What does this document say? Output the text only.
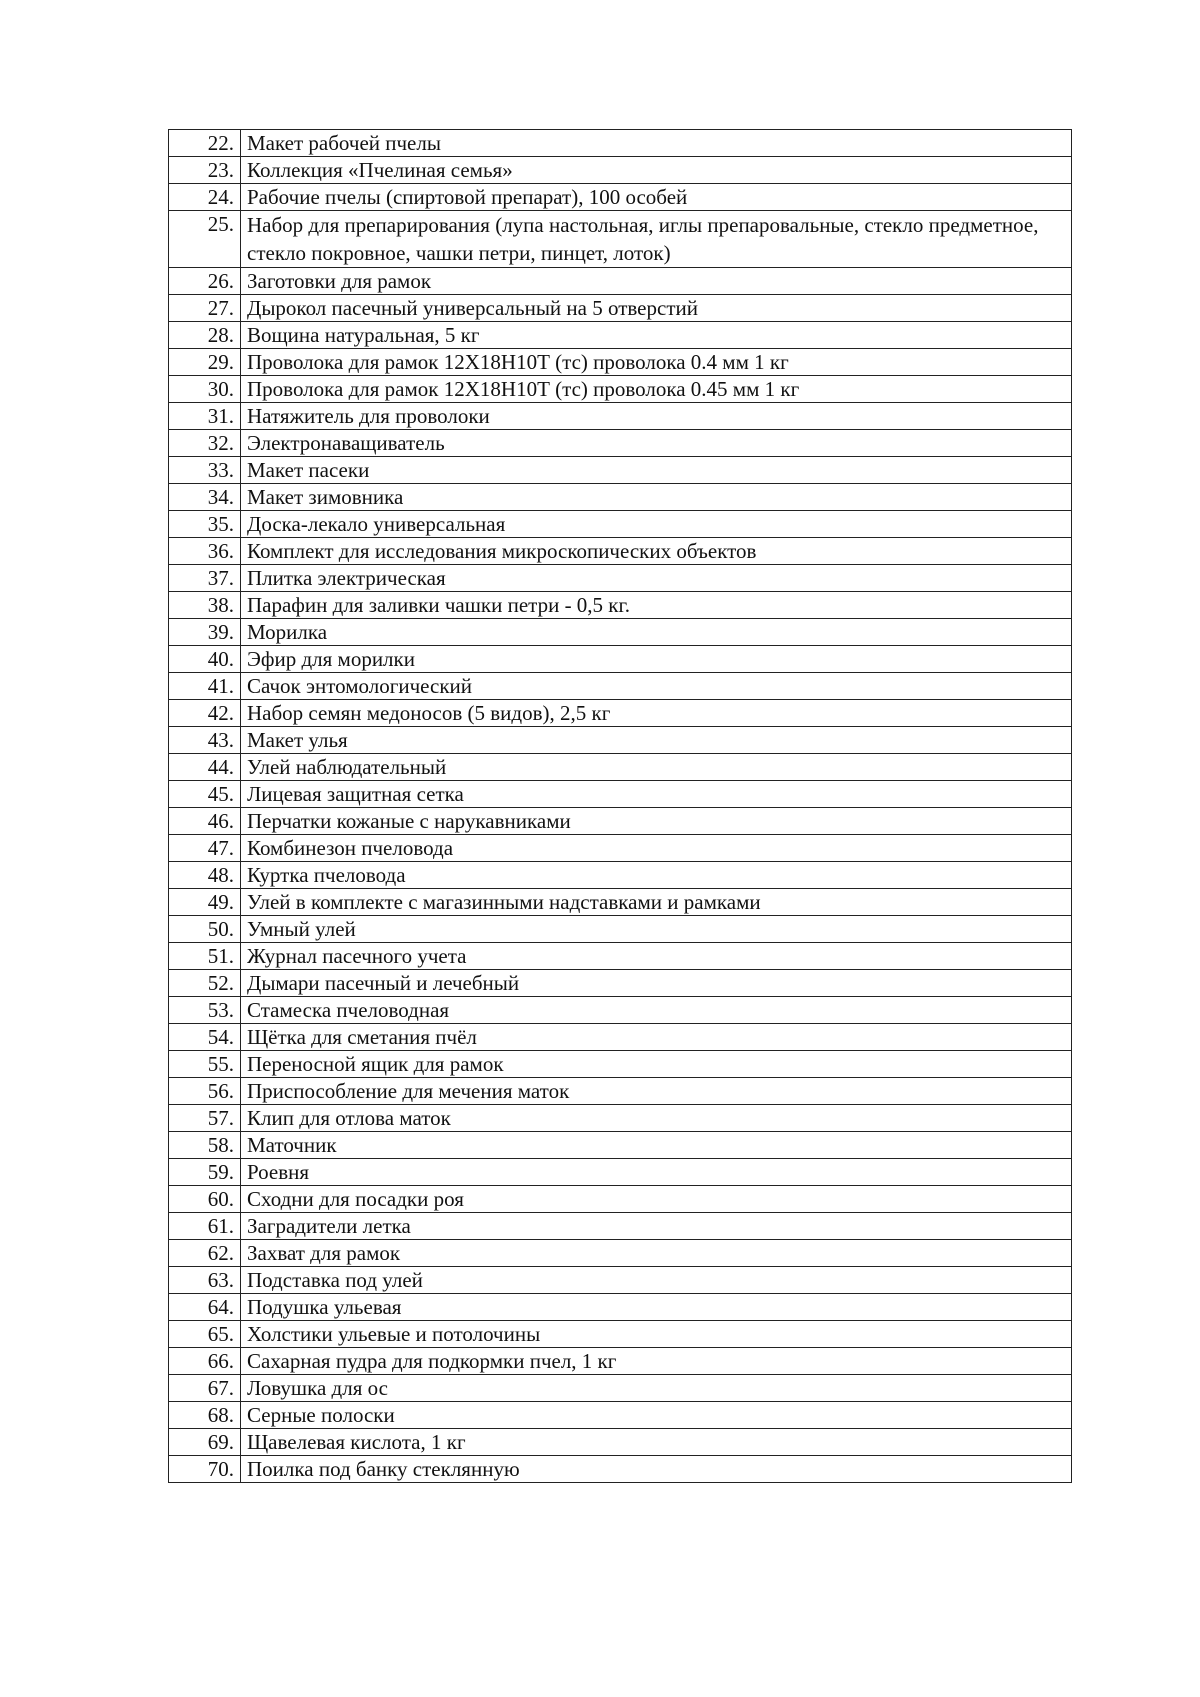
22.	Макет рабочей пчелы
23.	Коллекция «Пчелиная семья»
24.	Рабочие пчелы (спиртовой препарат), 100 особей
25.	Набор для препарирования (лупа настольная, иглы препаровальные, стекло предметное, стекло покровное, чашки петри, пинцет, лоток)
26.	Заготовки для рамок
27.	Дырокол пасечный универсальный на 5 отверстий
28.	Вощина натуральная, 5 кг
29.	Проволока для рамок 12Х18Н10Т (тс) проволока 0.4 мм 1 кг
30.	Проволока для рамок 12Х18Н10Т (тс) проволока 0.45 мм 1 кг
31.	Натяжитель для проволоки
32.	Электронаващиватель
33.	Макет пасеки
34.	Макет зимовника
35.	Доска-лекало универсальная
36.	Комплект для исследования микроскопических объектов
37.	Плитка электрическая
38.	Парафин для заливки чашки петри - 0,5 кг.
39.	Морилка
40.	Эфир для морилки
41.	Сачок энтомологический
42.	Набор семян медоносов (5 видов), 2,5 кг
43.	Макет улья
44.	Улей наблюдательный
45.	Лицевая защитная сетка
46.	Перчатки кожаные с нарукавниками
47.	Комбинезон пчеловода
48.	Куртка пчеловода
49.	Улей в комплекте с магазинными надставками и рамками
50.	Умный улей
51.	Журнал пасечного учета
52.	Дымари пасечный и лечебный
53.	Стамеска пчеловодная
54.	Щётка для сметания пчёл
55.	Переносной ящик для рамок
56.	Приспособление для мечения маток
57.	Клип для отлова маток
58.	Маточник
59.	Роевня
60.	Сходни для посадки роя
61.	Заградители летка
62.	Захват для рамок
63.	Подставка под улей
64.	Подушка ульевая
65.	Холстики ульевые и потолочины
66.	Сахарная пудра для подкормки пчел, 1 кг
67.	Ловушка для ос
68.	Серные полоски
69.	Щавелевая кислота, 1 кг
70.	Поилка под банку стеклянную
